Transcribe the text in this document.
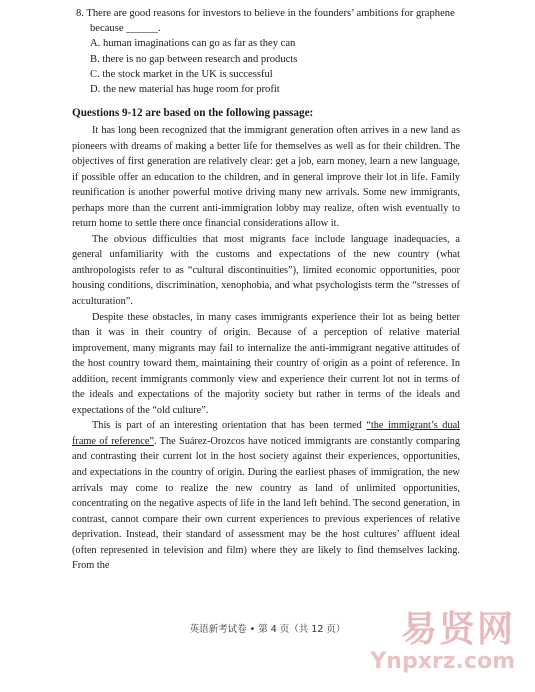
8. There are good reasons for investors to believe in the founders’ ambitions for graphene because ______.

A. human imaginations can go as far as they can

B. there is no gap between research and products

C. the stock market in the UK is successful

D. the new material has huge room for profit

Questions 9-12 are based on the following passage:

It has long been recognized that the immigrant generation often arrives in a new land as pioneers with dreams of making a better life for themselves as well as for their children. The objectives of first generation are relatively clear: get a job, earn money, learn a new language, if possible offer an education to the children, and in general improve their lot in life. Family reunification is another powerful motive driving many new arrivals. Some new immigrants, perhaps more than the current anti-immigration lobby may realize, often wish eventually to return home to settle there once financial considerations allow it.

The obvious difficulties that most migrants face include language inadequacies, a general unfamiliarity with the customs and expectations of the new country (what anthropologists refer to as “cultural discontinuities”), limited economic opportunities, poor housing conditions, discrimination, xenophobia, and what psychologists term the “stresses of acculturation”.

Despite these obstacles, in many cases immigrants experience their lot as being better than it was in their country of origin. Because of a perception of relative material improvement, many migrants may fail to internalize the anti-immigrant negative attitudes of the host country toward them, maintaining their country of origin as a point of reference. In addition, recent immigrants commonly view and experience their current lot not in terms of the ideals and expectations of the majority society but rather in terms of the ideals and expectations of the “old culture”.

This is part of an interesting orientation that has been termed “the immigrant’s dual frame of reference”. The Suárez-Orozcos have noticed immigrants are constantly comparing and contrasting their current lot in the host society against their experiences, opportunities, and expectations in the country of origin. During the earliest phases of immigration, the new arrivals may come to realize the new country as land of unlimited opportunities, concentrating on the negative aspects of life in the land left behind. The second generation, in contrast, cannot compare their own current experiences to previous experiences of relative deprivation. Instead, their standard of assessment may be the host cultures’ affluent ideal (often represented in television and film) where they are likely to find themselves lacking. From the

英语新考试卷 • 第 4 页（共 12 页）	易贤网
Ynpxrz.com
